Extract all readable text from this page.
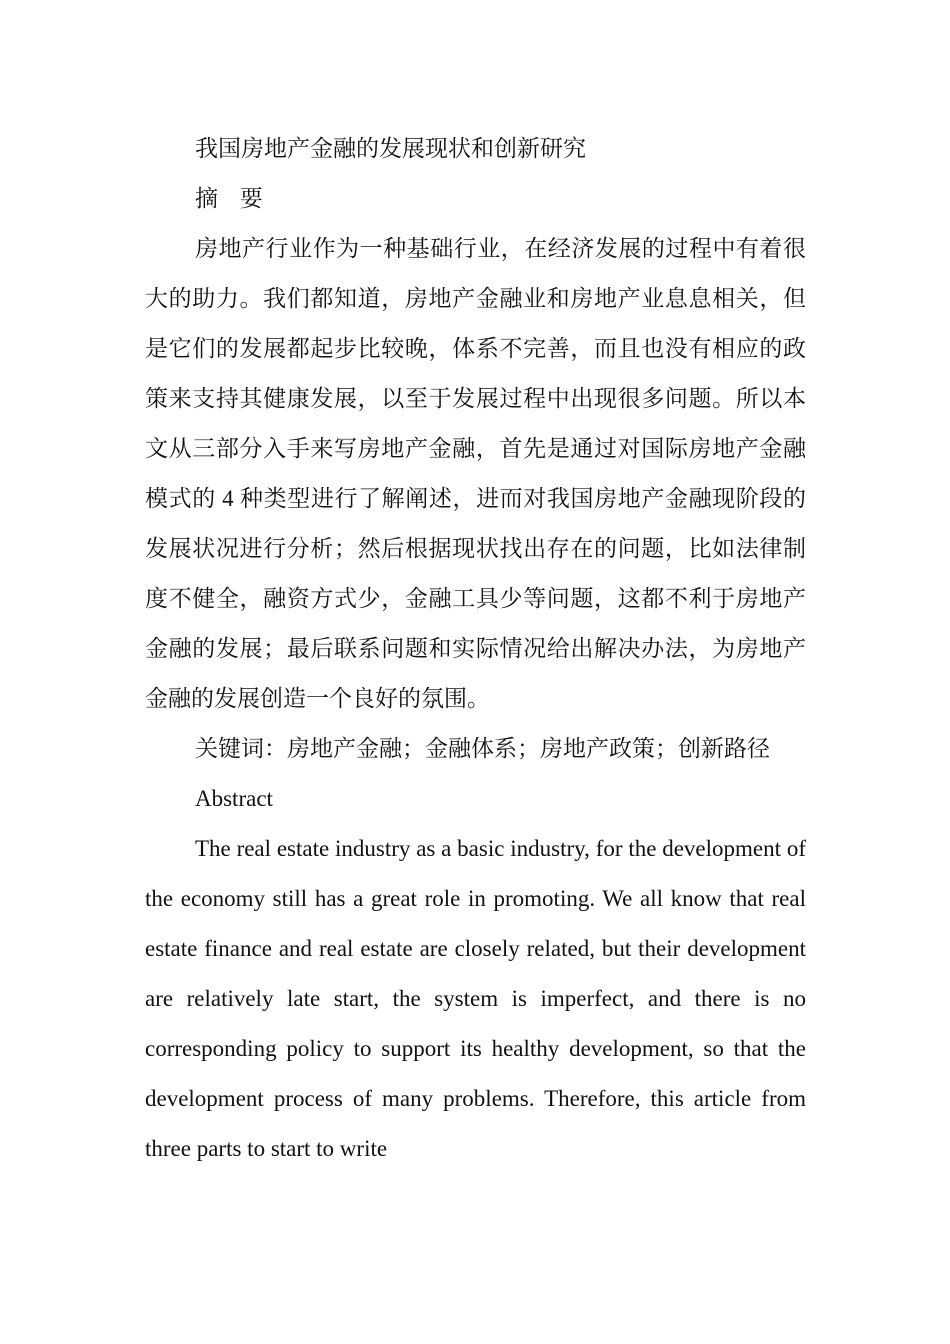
我国房地产金融的发展现状和创新研究

摘 要

房地产行业作为一种基础行业，在经济发展的过程中有着很大的助力。我们都知道，房地产金融业和房地产业息息相关，但是它们的发展都起步比较晚，体系不完善，而且也没有相应的政策来支持其健康发展，以至于发展过程中出现很多问题。所以本文从三部分入手来写房地产金融，首先是通过对国际房地产金融模式的 4 种类型进行了解阐述，进而对我国房地产金融现阶段的发展状况进行分析；然后根据现状找出存在的问题，比如法律制度不健全，融资方式少，金融工具少等问题，这都不利于房地产金融的发展；最后联系问题和实际情况给出解决办法，为房地产金融的发展创造一个良好的氛围。

关键词：房地产金融；金融体系；房地产政策；创新路径

Abstract

The real estate industry as a basic industry, for the development of the economy still has a great role in promoting. We all know that real estate finance and real estate are closely related, but their development are relatively late start, the system is imperfect, and there is no corresponding policy to support its healthy development, so that the development process of many problems. Therefore, this article from three parts to start to write
